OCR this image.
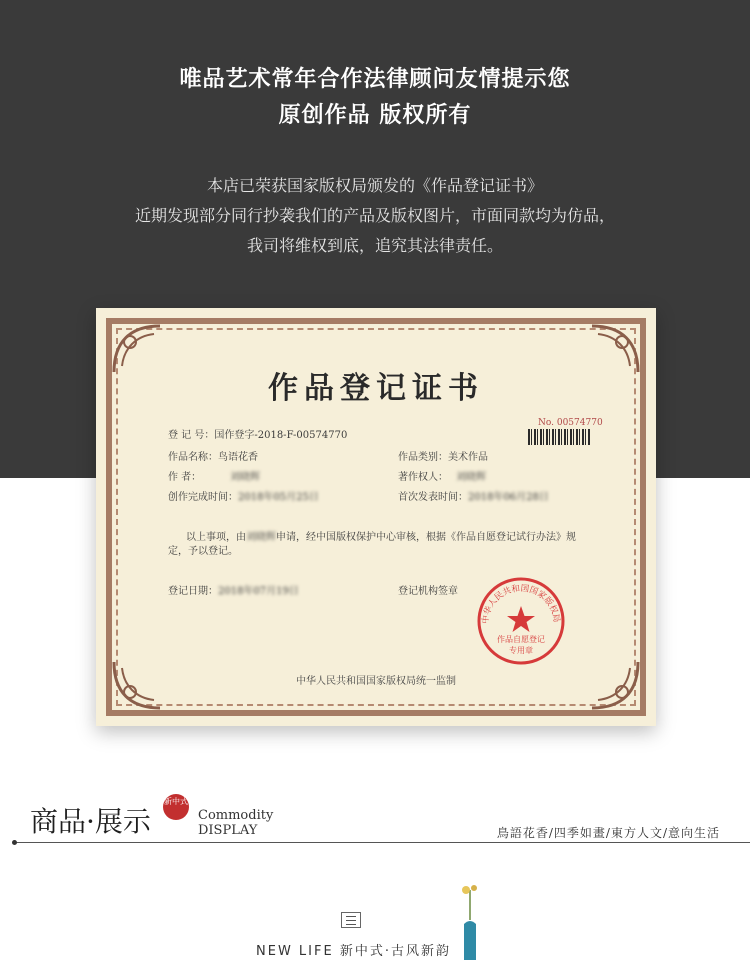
唯品艺术常年合作法律顾问友情提示您
原创作品 版权所有
本店已荣获国家版权局颁发的《作品登记证书》
近期发现部分同行抄袭我们的产品及版权图片，市面同款均为仿品，
我司将维权到底，追究其法律责任。
作品登记证书
No. 00574770
登 记 号：国作登字-2018-F-00574770
作品名称：鸟语花香	作品类别：美术作品
作 者：	刘晓辉	著作权人： 刘晓辉
创作完成时间： 2018年05月25日	首次发表时间： 2018年06月28日
以上事项，由刘晓辉申请，经中国版权保护中心审核，根据《作品自愿登记试行办法》规
定，予以登记。
登记日期： 2018年07月19日	登记机构签章
中华人民共和国国家版权局
作品自愿登记
专用章
中华人民共和国国家版权局统一监制
商品·展示
新中式
Commodity
DISPLAY	鳥語花香/四季如畫/東方人文/意向生活
NEW LIFE 新中式·古风新韵
